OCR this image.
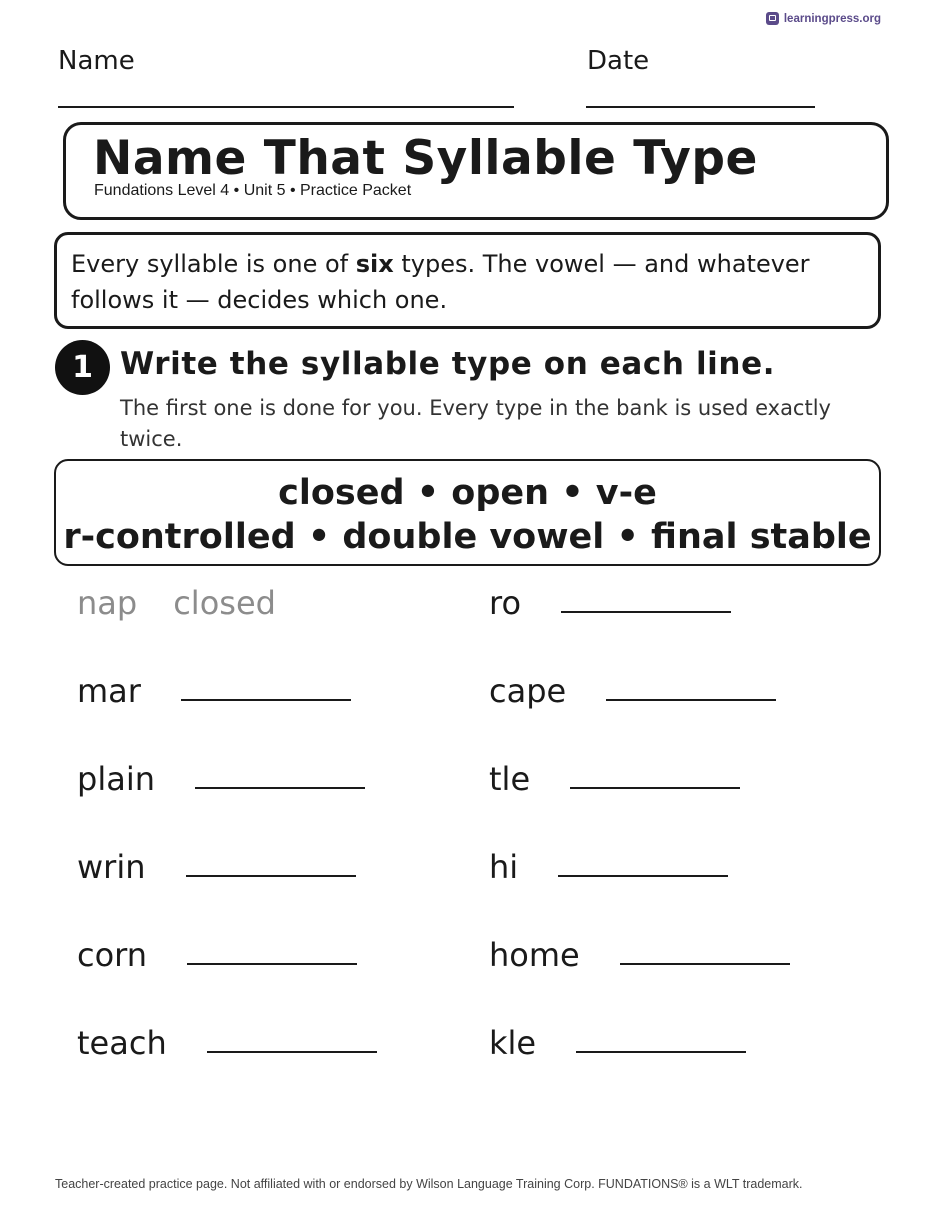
learningpress.org
Name	Date
Name That Syllable Type
Fundations Level 4 • Unit 5 • Practice Packet
Every syllable is one of six types. The vowel — and whatever follows it — decides which one.
1 Write the syllable type on each line.
The first one is done for you. Every type in the bank is used exactly twice.
closed • open • v-e
r-controlled • double vowel • final stable
nap closed
mar
plain
wrin
corn
teach
ro
cape
tle
hi
home
kle
Teacher-created practice page. Not affiliated with or endorsed by Wilson Language Training Corp. FUNDATIONS® is a WLT trademark.
